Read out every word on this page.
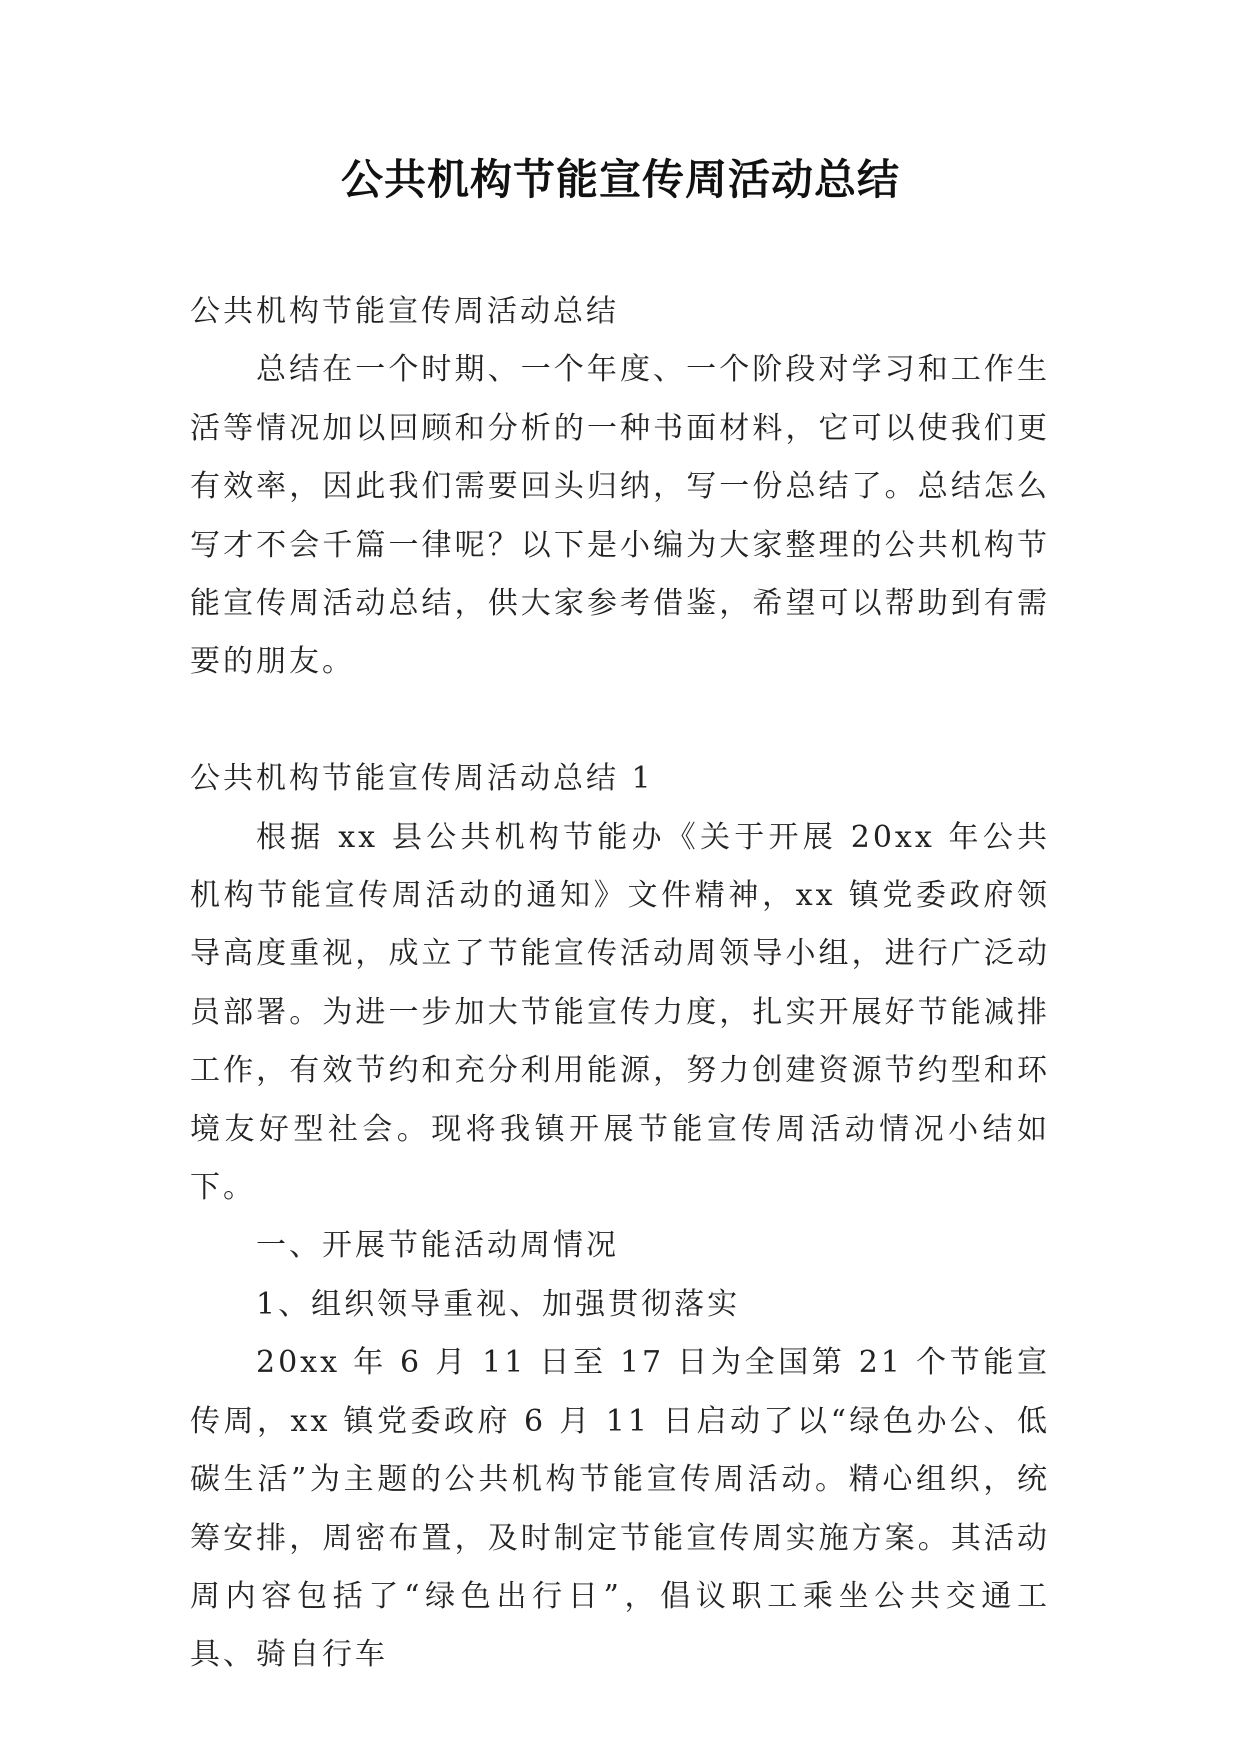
公共机构节能宣传周活动总结

公共机构节能宣传周活动总结

总结在一个时期、一个年度、一个阶段对学习和工作生活等情况加以回顾和分析的一种书面材料，它可以使我们更有效率，因此我们需要回头归纳，写一份总结了。总结怎么写才不会千篇一律呢？以下是小编为大家整理的公共机构节能宣传周活动总结，供大家参考借鉴，希望可以帮助到有需要的朋友。

公共机构节能宣传周活动总结 1

根据 xx 县公共机构节能办《关于开展 20xx 年公共机构节能宣传周活动的通知》文件精神，xx 镇党委政府领导高度重视，成立了节能宣传活动周领导小组，进行广泛动员部署。为进一步加大节能宣传力度，扎实开展好节能减排工作，有效节约和充分利用能源，努力创建资源节约型和环境友好型社会。现将我镇开展节能宣传周活动情况小结如下。

一、开展节能活动周情况

1、组织领导重视、加强贯彻落实

20xx 年 6 月 11 日至 17 日为全国第 21 个节能宣传周，xx 镇党委政府 6 月 11 日启动了以“绿色办公、低碳生活”为主题的公共机构节能宣传周活动。精心组织，统筹安排，周密布置，及时制定节能宣传周实施方案。其活动周内容包括了“绿色出行日”，倡议职工乘坐公共交通工具、骑自行车
